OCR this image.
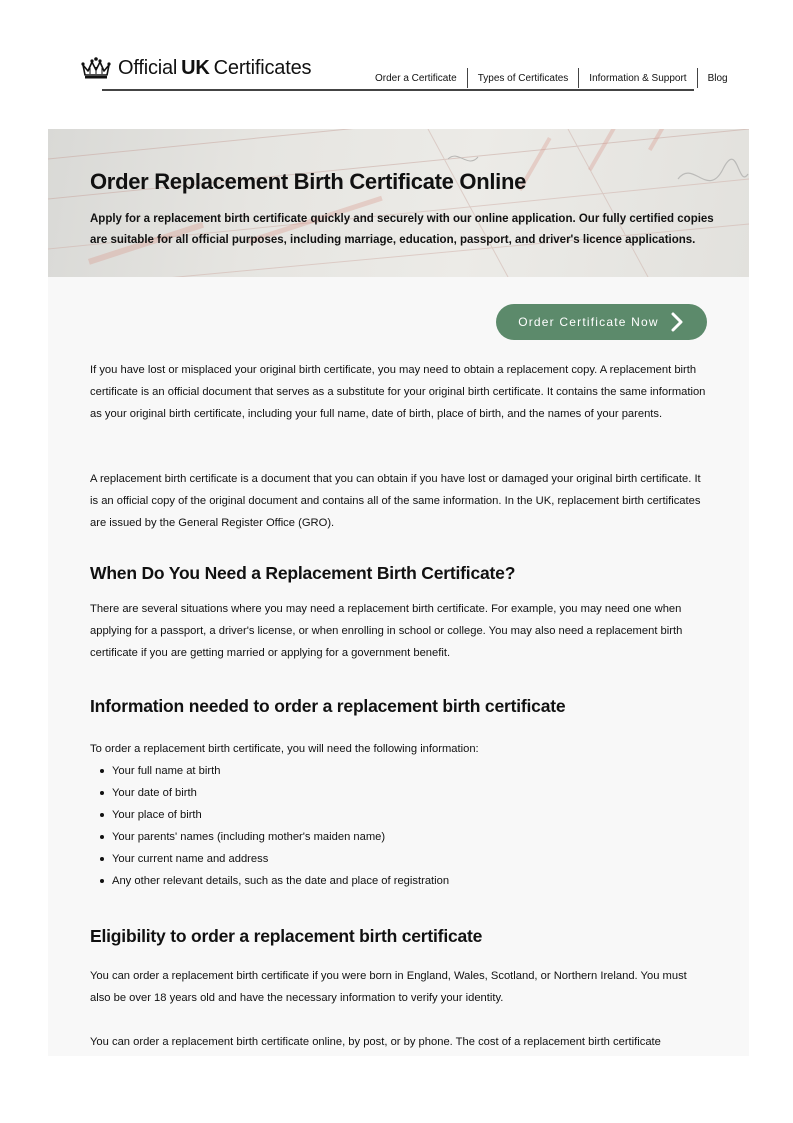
Official UK Certificates	Order a Certificate	Types of Certificates	Information & Support	Blog
Order Replacement Birth Certificate Online

Apply for a replacement birth certificate quickly and securely with our online application. Our fully certified copies are suitable for all official purposes, including marriage, education, passport, and driver's licence applications.

Order Certificate Now

If you have lost or misplaced your original birth certificate, you may need to obtain a replacement copy. A replacement birth certificate is an official document that serves as a substitute for your original birth certificate. It contains the same information as your original birth certificate, including your full name, date of birth, place of birth, and the names of your parents.

A replacement birth certificate is a document that you can obtain if you have lost or damaged your original birth certificate. It is an official copy of the original document and contains all of the same information. In the UK, replacement birth certificates are issued by the General Register Office (GRO).

When Do You Need a Replacement Birth Certificate?

There are several situations where you may need a replacement birth certificate. For example, you may need one when applying for a passport, a driver's license, or when enrolling in school or college. You may also need a replacement birth certificate if you are getting married or applying for a government benefit.

Information needed to order a replacement birth certificate

To order a replacement birth certificate, you will need the following information:

Your full name at birth
Your date of birth
Your place of birth
Your parents' names (including mother's maiden name)
Your current name and address
Any other relevant details, such as the date and place of registration
Eligibility to order a replacement birth certificate

You can order a replacement birth certificate if you were born in England, Wales, Scotland, or Northern Ireland. You must also be over 18 years old and have the necessary information to verify your identity.

You can order a replacement birth certificate online, by post, or by phone. The cost of a replacement birth certificate
